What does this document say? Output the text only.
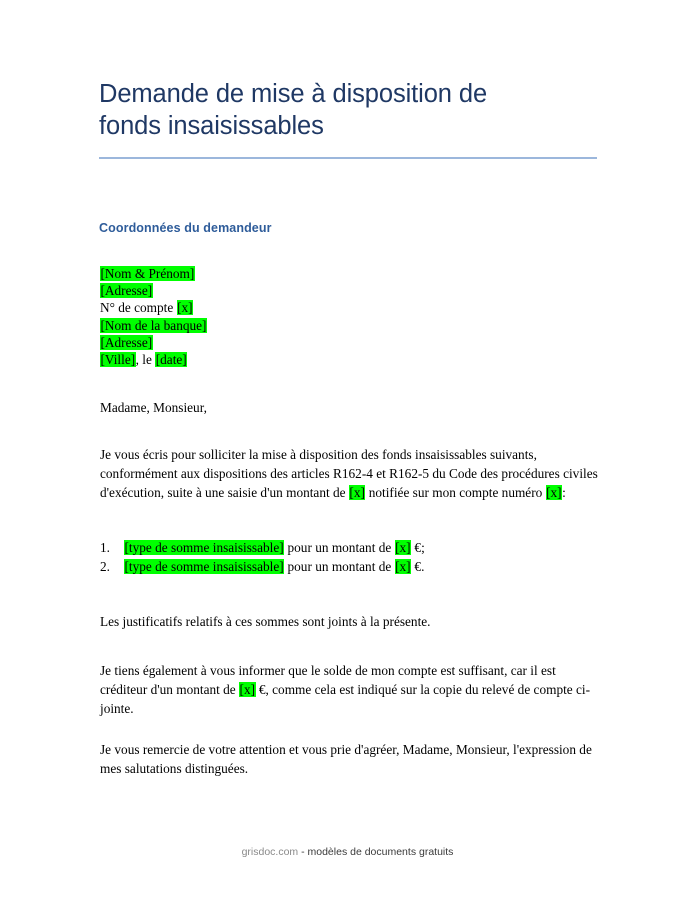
Demande de mise à disposition de
fonds insaisissables
Coordonnées du demandeur
[Nom & Prénom]
[Adresse]
N° de compte [x]
[Nom de la banque]
[Adresse]
[Ville], le [date]
Madame, Monsieur,
Je vous écris pour solliciter la mise à disposition des fonds insaisissables suivants, conformément aux dispositions des articles R162-4 et R162-5 du Code des procédures civiles d'exécution, suite à une saisie d'un montant de [x] notifiée sur mon compte numéro [x]:
1.	[type de somme insaisissable] pour un montant de [x] €;
2.	[type de somme insaisissable] pour un montant de [x] €.
Les justificatifs relatifs à ces sommes sont joints à la présente.
Je tiens également à vous informer que le solde de mon compte est suffisant, car il est créditeur d'un montant de [x] €, comme cela est indiqué sur la copie du relevé de compte ci-jointe.
Je vous remercie de votre attention et vous prie d'agréer, Madame, Monsieur, l'expression de mes salutations distinguées.
grisdoc.com - modèles de documents gratuits
